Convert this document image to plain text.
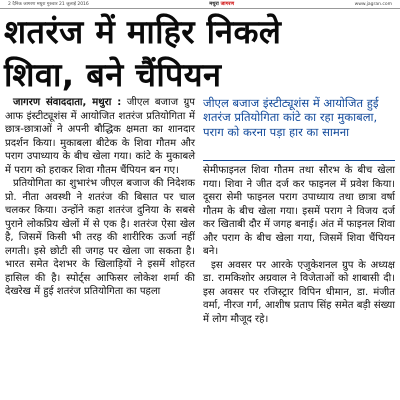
2 दैनिक जागरण मथुरा गुरुवार 21 जुलाई 2016	मथुरा जागरण	www.jagran.com
शतरंज में माहिर निकले
शिवा, बने चैंपियन

जागरण संवाददाता, मथुरा : जीएल बजाज ग्रुप आफ इंस्टीट्यूशंस में आयोजित शतरंज प्रतियोगिता में छात्र-छात्राओं ने अपनी बौद्धिक क्षमता का शानदार प्रदर्शन किया। मुकाबला बीटेक के शिवा गौतम और पराग उपाध्याय के बीच खेला गया। कांटे के मुकाबले में पराग को हराकर शिवा गौतम चैंपियन बन गए।

प्रतियोगिता का शुभारंभ जीएल बजाज की निदेशक प्रो. नीता अवस्थी ने शतरंज की बिसात पर चाल चलकर किया। उन्होंने कहा शतरंज दुनिया के सबसे पुराने लोकप्रिय खेलों में से एक है। शतरंज ऐसा खेल है, जिसमें किसी भी तरह की शारीरिक ऊर्जा नहीं लगती। इसे छोटी सी जगह पर खेला जा सकता है। भारत समेत देशभर के खिलाड़ियों ने इसमें शोहरत हासिल की है। स्पोर्ट्स आफिसर लोकेश शर्मा की देखरेख में हुई शतरंज प्रतियोगिता का पहला

जीएल बजाज इंस्टीट्यूशंस में आयोजित हुई शतरंज प्रतियोगिता कांटे का रहा मुकाबला, पराग को करना पड़ा हार का सामना

सेमीफाइनल शिवा गौतम तथा सौरभ के बीच खेला गया। शिवा ने जीत दर्ज कर फाइनल में प्रवेश किया। दूसरा सेमी फाइनल पराग उपाध्याय तथा छात्रा वर्षा गौतम के बीच खेला गया। इसमें पराग ने विजय दर्ज कर खिताबी दौर में जगह बनाई। अंत में फाइनल शिवा और पराग के बीच खेला गया, जिसमें शिवा चैंपियन बने।

इस अवसर पर आरके एजुकेशनल ग्रुप के अध्यक्ष डा. रामकिशोर अग्रवाल ने विजेताओं को शाबासी दी। इस अवसर पर रजिस्ट्रार विपिन धीमान, डा. मंजीत वर्मा, नीरज गर्ग, आशीष प्रताप सिंह समेत बड़ी संख्या में लोग मौजूद रहे।
